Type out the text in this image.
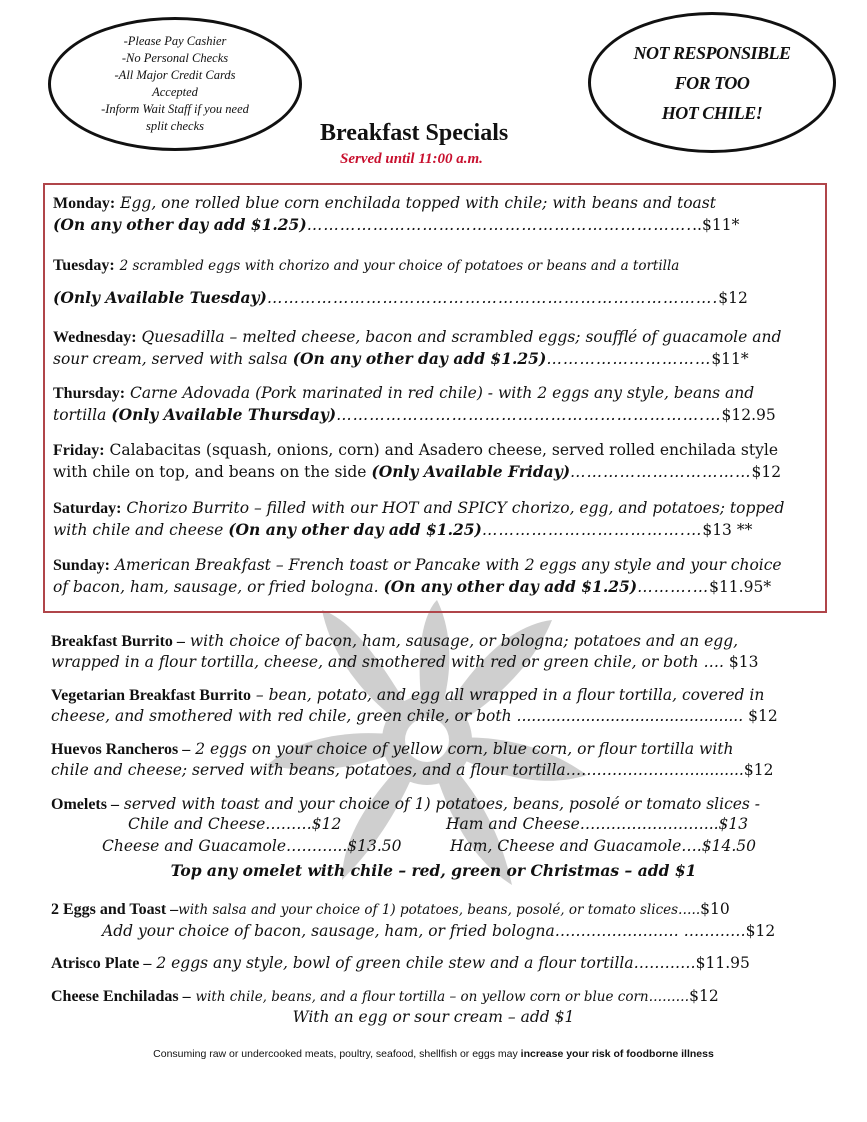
-Please Pay Cashier
-No Personal Checks
-All Major Credit Cards
Accepted
-Inform Wait Staff if you need
split checks
NOT RESPONSIBLE
FOR TOO
HOT CHILE!
Breakfast Specials
Served until 11:00 a.m.
Monday: Egg, one rolled blue corn enchilada topped with chile; with beans and toast
(On any other day add $1.25)……………………………………………………………...$11*
Tuesday: 2 scrambled eggs with chorizo and your choice of potatoes or beans and a tortilla

(Only Available Tuesday)……………………………………………………………………….$12
Wednesday: Quesadilla – melted cheese, bacon and scrambled eggs; soufflé of guacamole and
sour cream, served with salsa (On any other day add $1.25)…………………………$11*
Thursday: Carne Adovada (Pork marinated in red chile) - with 2 eggs any style, beans and
tortilla (Only Available Thursday)………………………………………………………….…$12.95
Friday: Calabacitas (squash, onions, corn) and Asadero cheese, served rolled enchilada style
with chile on top, and beans on the side (Only Available Friday)……………………………$12
Saturday: Chorizo Burrito – filled with our HOT and SPICY chorizo, egg, and potatoes; topped
with chile and cheese (On any other day add $1.25)……………………………….…$13 **
Sunday: American Breakfast – French toast or Pancake with 2 eggs any style and your choice
of bacon, ham, sausage, or fried bologna. (On any other day add $1.25)……….…$11.95*
Breakfast Burrito – with choice of bacon, ham, sausage, or bologna; potatoes and an egg,
wrapped in a flour tortilla, cheese, and smothered with red or green chile, or both …. $13
Vegetarian Breakfast Burrito – bean, potato, and egg all wrapped in a flour tortilla, covered in
cheese, and smothered with red chile, green chile, or both .............................................. $12
Huevos Rancheros – 2 eggs on your choice of yellow corn, blue corn, or flour tortilla with
chile and cheese; served with beans, potatoes, and a flour tortilla…….………………..........$12
Omelets – served with toast and your choice of 1) potatoes, beans, posolé or tomato slices -
Chile and Cheese………$12	Ham and Cheese……………………...$13
Cheese and Guacamole………...$13.50	Ham, Cheese and Guacamole….$14.50
Top any omelet with chile – red, green or Christmas – add $1
2 Eggs and Toast –with salsa and your choice of 1) potatoes, beans, posolé, or tomato slices…..$10
Add your choice of bacon, sausage, ham, or fried bologna…………………… …………$12
Atrisco Plate – 2 eggs any style, bowl of green chile stew and a flour tortilla…………$11.95
Cheese Enchiladas – with chile, beans, and a flour tortilla – on yellow corn or blue corn………$12
With an egg or sour cream – add $1
Consuming raw or undercooked meats, poultry, seafood, shellfish or eggs may increase your risk of foodborne illness
